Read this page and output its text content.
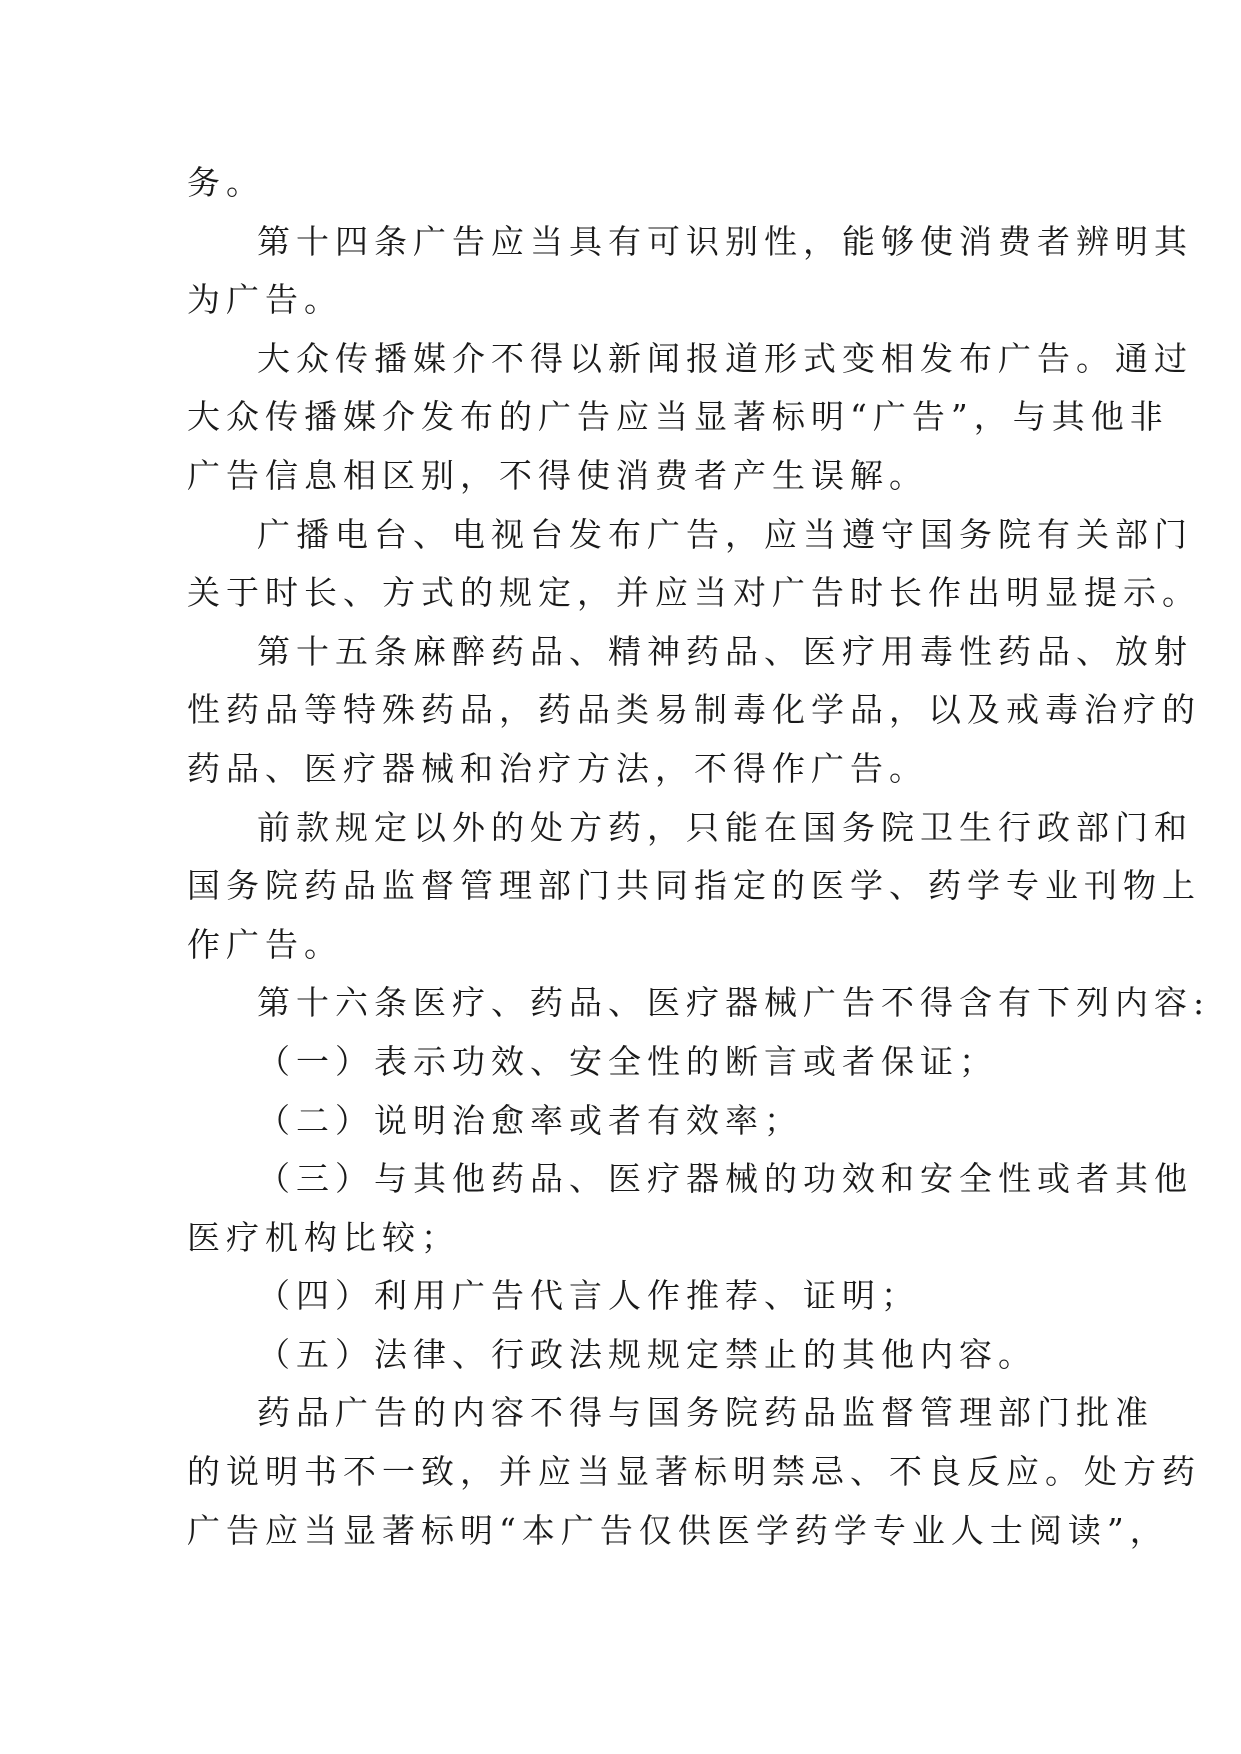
务。
第十四条广告应当具有可识别性，能够使消费者辨明其
为广告。
大众传播媒介不得以新闻报道形式变相发布广告。通过
大众传播媒介发布的广告应当显著标明“广告”，与其他非
广告信息相区别，不得使消费者产生误解。
广播电台、电视台发布广告，应当遵守国务院有关部门
关于时长、方式的规定，并应当对广告时长作出明显提示。
第十五条麻醉药品、精神药品、医疗用毒性药品、放射
性药品等特殊药品，药品类易制毒化学品，以及戒毒治疗的
药品、医疗器械和治疗方法，不得作广告。
前款规定以外的处方药，只能在国务院卫生行政部门和
国务院药品监督管理部门共同指定的医学、药学专业刊物上
作广告。
第十六条医疗、药品、医疗器械广告不得含有下列内容:
（一）表示功效、安全性的断言或者保证；
（二）说明治愈率或者有效率；
（三）与其他药品、医疗器械的功效和安全性或者其他
医疗机构比较；
（四）利用广告代言人作推荐、证明；
（五）法律、行政法规规定禁止的其他内容。
药品广告的内容不得与国务院药品监督管理部门批准
的说明书不一致，并应当显著标明禁忌、不良反应。处方药
广告应当显著标明“本广告仅供医学药学专业人士阅读”，
